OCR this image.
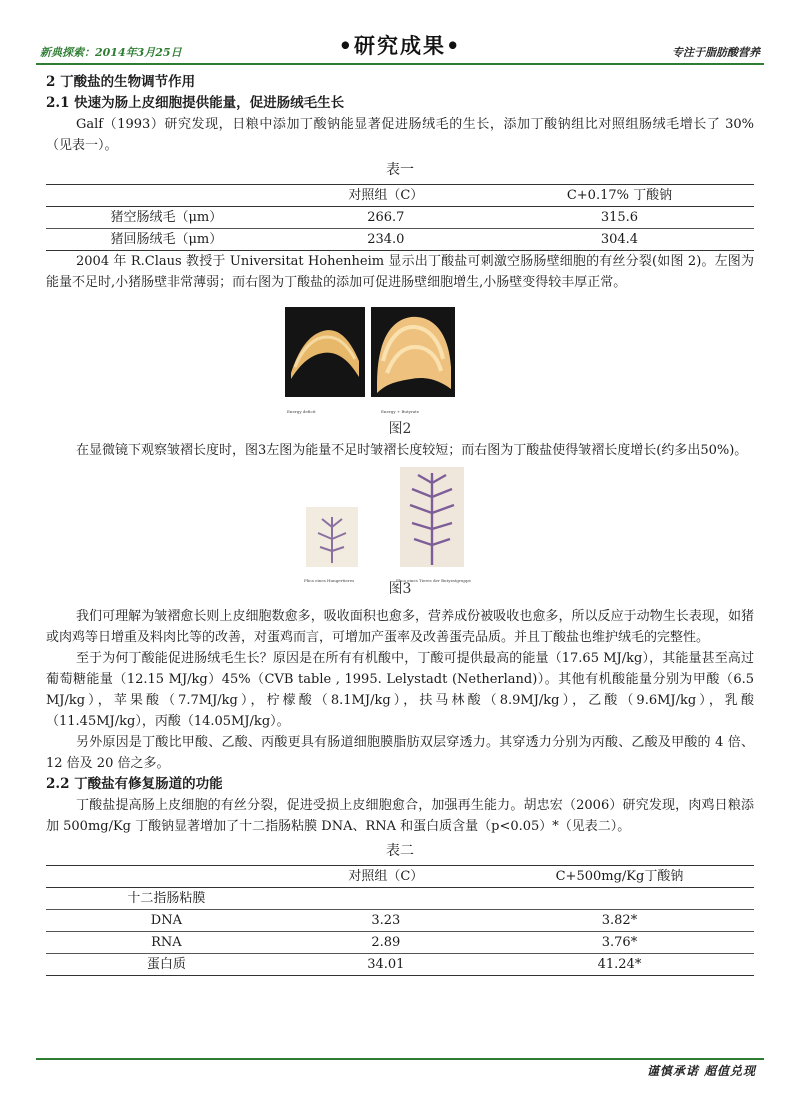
新典探索：2014年3月25日	•研究成果•	专注于脂肪酸营养
2 丁酸盐的生物调节作用
2.1 快速为肠上皮细胞提供能量，促进肠绒毛生长
Galf（1993）研究发现，日粮中添加丁酸钠能显著促进肠绒毛的生长，添加丁酸钠组比对照组肠绒毛增长了 30%（见表一）。
表一
	对照组（C）	C+0.17% 丁酸钠
猪空肠绒毛（μm）	266.7	315.6
猪回肠绒毛（μm）	234.0	304.4
2004 年 R.Claus 教授于 Universitat Hohenheim 显示出丁酸盐可刺激空肠肠壁细胞的有丝分裂(如图 2)。左图为能量不足时,小猪肠壁非常薄弱；而右图为丁酸盐的添加可促进肠壁细胞增生,小肠壁变得较丰厚正常。
Energy deficit	Energy + Butyrate
图2
在显微镜下观察皱褶长度时，图3左图为能量不足时皱褶长度较短；而右图为丁酸盐使得皱褶长度增长(约多出50%)。
Plica eines Hungertieres	Plica eines Tieres der Butyratgruppe
图3
我们可理解为皱褶愈长则上皮细胞数愈多，吸收面积也愈多，营养成份被吸收也愈多，所以反应于动物生长表现，如猪或肉鸡等日增重及料肉比等的改善，对蛋鸡而言，可增加产蛋率及改善蛋壳品质。并且丁酸盐也维护绒毛的完整性。
至于为何丁酸能促进肠绒毛生长？原因是在所有有机酸中，丁酸可提供最高的能量（17.65 MJ/kg），其能量甚至高过葡萄糖能量（12.15 MJ/kg）45%（CVB table , 1995. Lelystadt (Netherland)）。其他有机酸能量分别为甲酸（6.5 MJ/kg），苹果酸（7.7MJ/kg），柠檬酸（8.1MJ/kg），扶马林酸（8.9MJ/kg），乙酸（9.6MJ/kg），乳酸（11.45MJ/kg），丙酸（14.05MJ/kg）。
另外原因是丁酸比甲酸、乙酸、丙酸更具有肠道细胞膜脂肪双层穿透力。其穿透力分别为丙酸、乙酸及甲酸的 4 倍、12 倍及 20 倍之多。
2.2 丁酸盐有修复肠道的功能
丁酸盐提高肠上皮细胞的有丝分裂，促进受损上皮细胞愈合，加强再生能力。胡忠宏（2006）研究发现，肉鸡日粮添加 500mg/Kg 丁酸钠显著增加了十二指肠粘膜 DNA、RNA 和蛋白质含量（p<0.05）*（见表二）。
表二
	对照组（C）	C+500mg/Kg丁酸钠
十二指肠粘膜		
DNA	3.23	3.82*
RNA	2.89	3.76*
蛋白质	34.01	41.24*
谨慎承诺 超值兑现
